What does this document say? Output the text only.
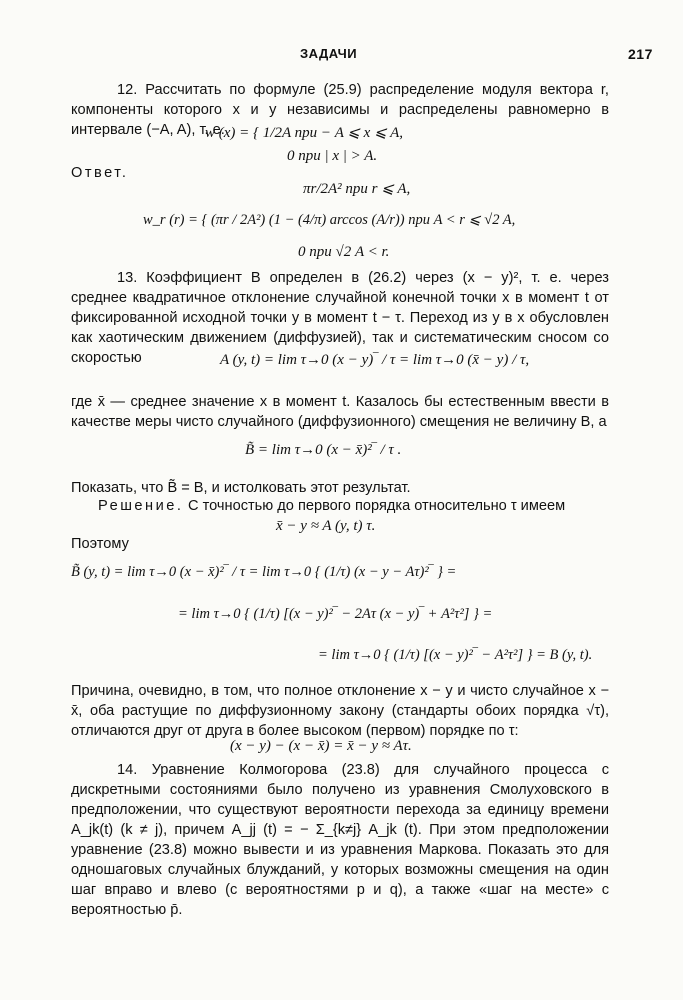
ЗАДАЧИ	217
12. Рассчитать по формуле (25.9) распределение модуля вектора r, компоненты которого x и y независимы и распределены равномерно в интервале (−A, A), т. е.
w (x) = { 1/2A при − A ⩽ x ⩽ A,
0 при | x | > A.
Ответ.
πr/2A² при r ⩽ A,
w_r (r) = { (πr / 2A²) (1 − (4/π) arccos (A/r)) при A < r ⩽ √2 A,
0 при √2 A < r.
13. Коэффициент B определен в (26.2) через (x − y)², т. е. через среднее квадратичное отклонение случайной конечной точки x в момент t от фиксированной исходной точки y в момент t − τ. Переход из y в x обусловлен как хаотическим движением (диффузией), так и систематическим сносом со скоростью	A (y, t) = lim τ→0 (x − y)‾ / τ = lim τ→0 (x̄ − y) / τ,
где x̄ — среднее значение x в момент t. Казалось бы естественным ввести в качестве меры чисто случайного (диффузионного) смещения не величину B, а
B̃ = lim τ→0 (x − x̄)²‾ / τ .
Показать, что B̃ = B, и истолковать этот результат.
Решение. С точностью до первого порядка относительно τ имеем
x̄ − y ≈ A (y, t) τ.
Поэтому
B̃ (y, t) = lim τ→0 (x − x̄)²‾ / τ = lim τ→0 { (1/τ) (x − y − Aτ)²‾ } =
= lim τ→0 { (1/τ) [(x − y)²‾ − 2Aτ (x − y)‾ + A²τ²] } =
= lim τ→0 { (1/τ) [(x − y)²‾ − A²τ²] } = B (y, t).
Причина, очевидно, в том, что полное отклонение x − y и чисто случайное x − x̄, оба растущие по диффузионному закону (стандарты обоих порядка √τ), отличаются друг от друга в более высоком (первом) порядке по τ:
(x − y) − (x − x̄) = x̄ − y ≈ Aτ.
14. Уравнение Колмогорова (23.8) для случайного процесса с дискретными состояниями было получено из уравнения Смолуховского в предположении, что существуют вероятности перехода за единицу времени A_jk(t) (k ≠ j), причем A_jj (t) = − Σ_{k≠j} A_jk (t). При этом предположении уравнение (23.8) можно вывести и из уравнения Маркова. Показать это для одношаговых случайных блужданий, у которых возможны смещения на один шаг вправо и влево (с вероятностями p и q), а также «шаг на месте» с вероятностью p̄.
